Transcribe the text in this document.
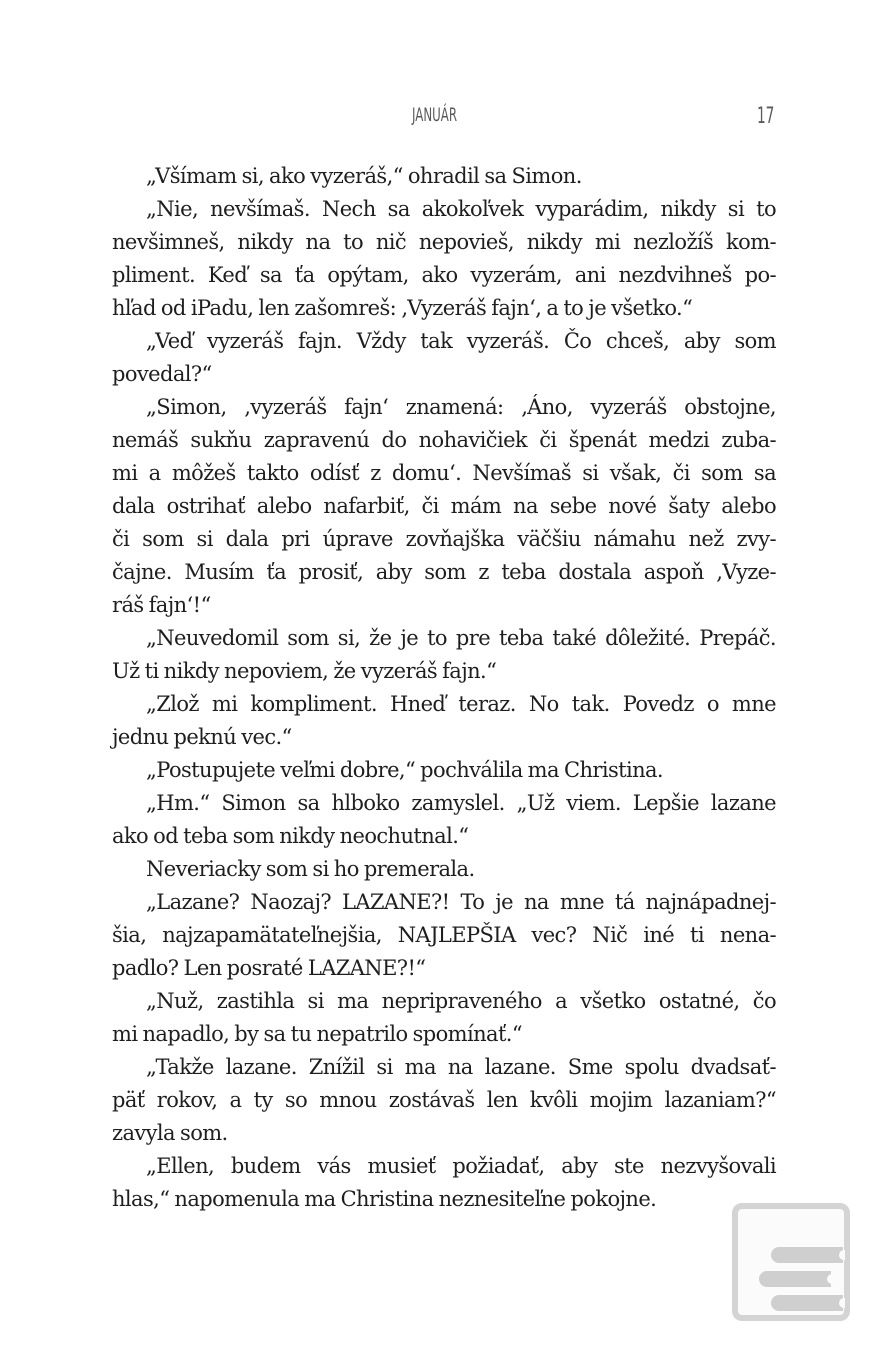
JANUÁR	17
„Všímam si, ako vyzeráš,“ ohradil sa Simon.
„Nie, nevšímaš. Nech sa akokoľvek vyparádim, nikdy si to
nevšimneš, nikdy na to nič nepovieš, nikdy mi nezložíš kom-
pliment. Keď sa ťa opýtam, ako vyzerám, ani nezdvihneš po-
hľad od iPadu, len zašomreš: ‚Vyzeráš fajn‘, a to je všetko.“
„Veď vyzeráš fajn. Vždy tak vyzeráš. Čo chceš, aby som
povedal?“
„Simon, ‚vyzeráš fajn‘ znamená: ‚Áno, vyzeráš obstojne,
nemáš sukňu zapravenú do nohavičiek či špenát medzi zuba-
mi a môžeš takto odísť z domu‘. Nevšímaš si však, či som sa
dala ostrihať alebo nafarbiť, či mám na sebe nové šaty alebo
či som si dala pri úprave zovňajška väčšiu námahu než zvy-
čajne. Musím ťa prosiť, aby som z teba dostala aspoň ‚Vyze-
ráš fajn‘!“
„Neuvedomil som si, že je to pre teba také dôležité. Prepáč.
Už ti nikdy nepoviem, že vyzeráš fajn.“
„Zlož mi kompliment. Hneď teraz. No tak. Povedz o mne
jednu peknú vec.“
„Postupujete veľmi dobre,“ pochválila ma Christina.
„Hm.“ Simon sa hlboko zamyslel. „Už viem. Lepšie lazane
ako od teba som nikdy neochutnal.“
Neveriacky som si ho premerala.
„Lazane? Naozaj? LAZANE?! To je na mne tá najnápadnej-
šia, najzapamätateľnejšia, NAJLEPŠIA vec? Nič iné ti nena-
padlo? Len posraté LAZANE?!“
„Nuž, zastihla si ma nepripraveného a všetko ostatné, čo
mi napadlo, by sa tu nepatrilo spomínať.“
„Takže lazane. Znížil si ma na lazane. Sme spolu dvadsať-
päť rokov, a ty so mnou zostávaš len kvôli mojim lazaniam?“
zavyla som.
„Ellen, budem vás musieť požiadať, aby ste nezvyšovali
hlas,“ napomenula ma Christina neznesiteľne pokojne.
